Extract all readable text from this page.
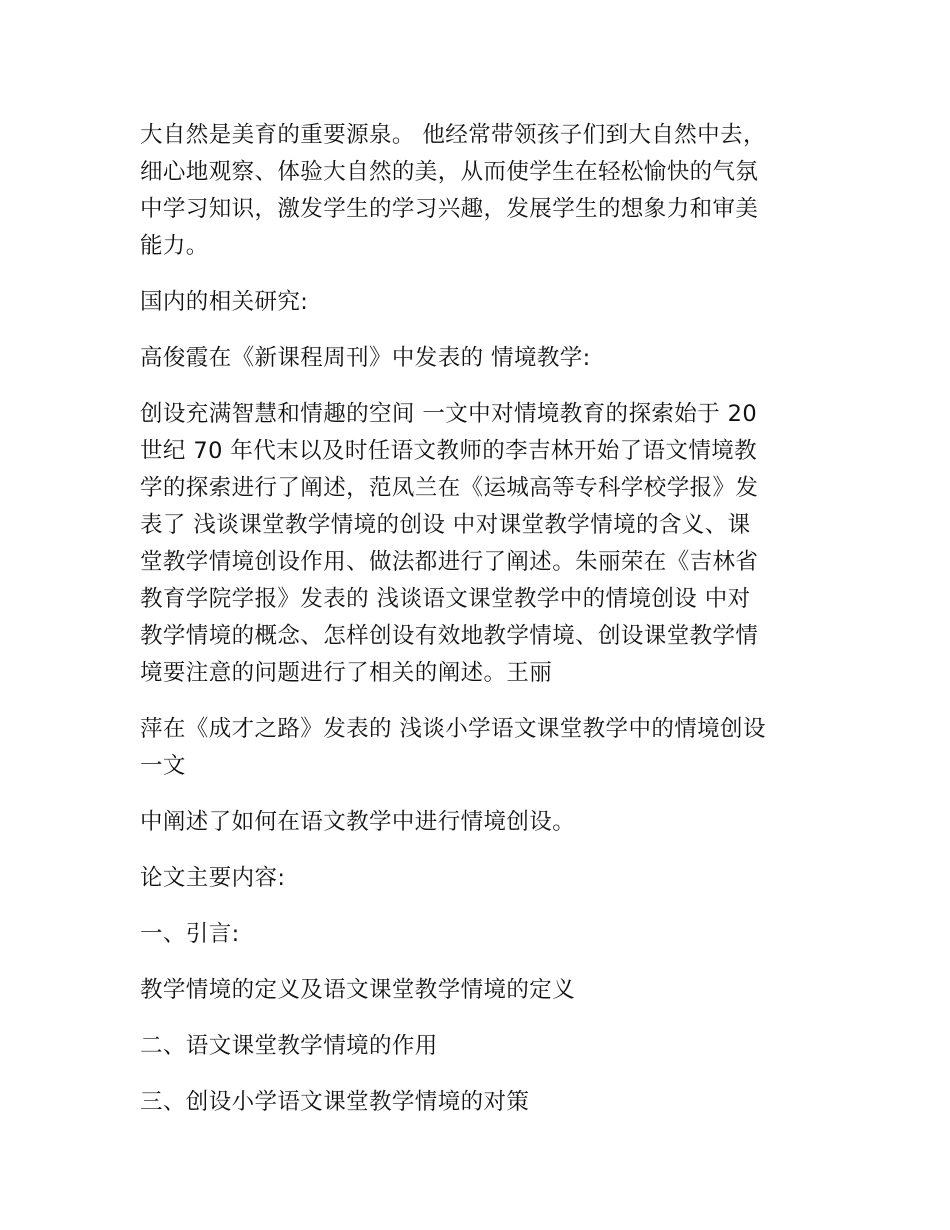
大自然是美育的重要源泉。 他经常带领孩子们到大自然中去，
细心地观察、体验大自然的美，从而使学生在轻松愉快的气氛
中学习知识，激发学生的学习兴趣，发展学生的想象力和审美
能力。
国内的相关研究:
高俊霞在《新课程周刊》中发表的 情境教学:
创设充满智慧和情趣的空间 一文中对情境教育的探索始于 20
世纪 70 年代末以及时任语文教师的李吉林开始了语文情境教
学的探索进行了阐述，范凤兰在《运城高等专科学校学报》发
表了 浅谈课堂教学情境的创设 中对课堂教学情境的含义、课
堂教学情境创设作用、做法都进行了阐述。朱丽荣在《吉林省
教育学院学报》发表的 浅谈语文课堂教学中的情境创设 中对
教学情境的概念、怎样创设有效地教学情境、创设课堂教学情
境要注意的问题进行了相关的阐述。王丽
萍在《成才之路》发表的 浅谈小学语文课堂教学中的情境创设
一文
中阐述了如何在语文教学中进行情境创设。
论文主要内容:
一、引言:
教学情境的定义及语文课堂教学情境的定义
二、语文课堂教学情境的作用
三、创设小学语文课堂教学情境的对策
